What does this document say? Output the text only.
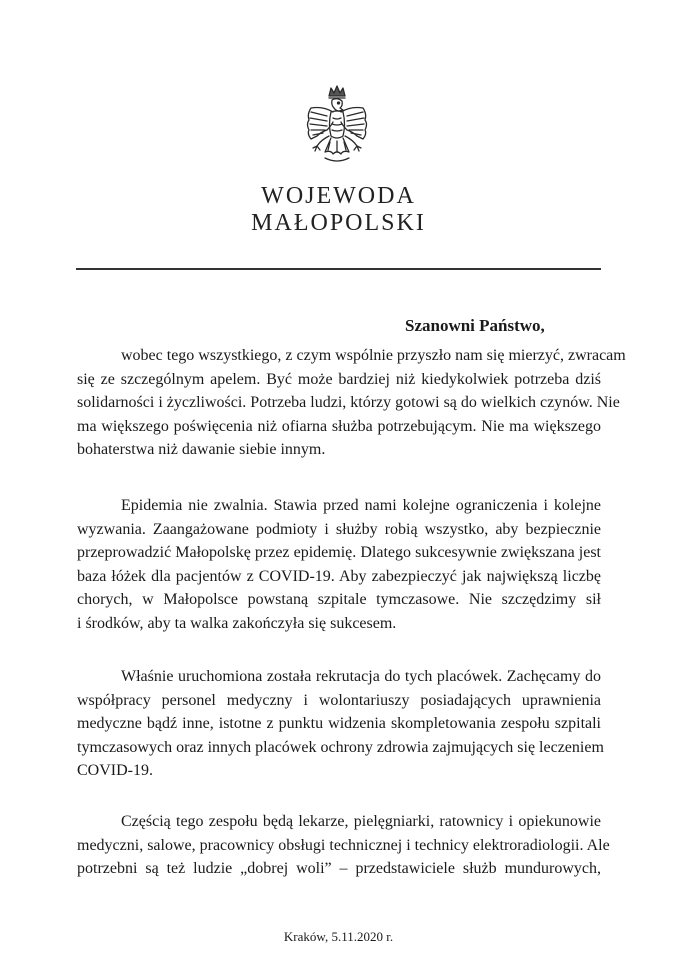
WOJEWODA
MAŁOPOLSKI
Szanowni Państwo,
wobec tego wszystkiego, z czym wspólnie przyszło nam się mierzyć, zwracam
się ze szczególnym apelem. Być może bardziej niż kiedykolwiek potrzeba dziś
solidarności i życzliwości. Potrzeba ludzi, którzy gotowi są do wielkich czynów. Nie
ma większego poświęcenia niż ofiarna służba potrzebującym. Nie ma większego
bohaterstwa niż dawanie siebie innym.
Epidemia nie zwalnia. Stawia przed nami kolejne ograniczenia i kolejne
wyzwania. Zaangażowane podmioty i służby robią wszystko, aby bezpiecznie
przeprowadzić Małopolskę przez epidemię. Dlatego sukcesywnie zwiększana jest
baza łóżek dla pacjentów z COVID-19. Aby zabezpieczyć jak największą liczbę
chorych, w Małopolsce powstaną szpitale tymczasowe. Nie szczędzimy sił
i środków, aby ta walka zakończyła się sukcesem.
Właśnie uruchomiona została rekrutacja do tych placówek. Zachęcamy do
współpracy personel medyczny i wolontariuszy posiadających uprawnienia
medyczne bądź inne, istotne z punktu widzenia skompletowania zespołu szpitali
tymczasowych oraz innych placówek ochrony zdrowia zajmujących się leczeniem
COVID-19.
Częścią tego zespołu będą lekarze, pielęgniarki, ratownicy i opiekunowie
medyczni, salowe, pracownicy obsługi technicznej i technicy elektroradiologii. Ale
potrzebni są też ludzie „dobrej woli” – przedstawiciele służb mundurowych,
Kraków, 5.11.2020 r.
